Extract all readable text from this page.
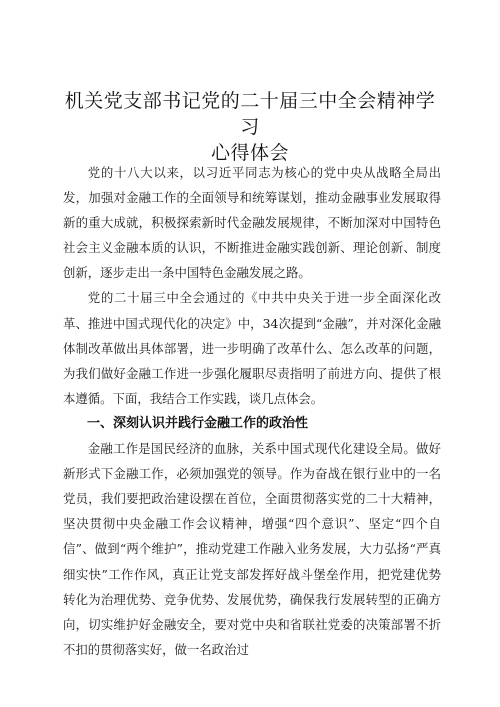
机关党支部书记党的二十届三中全会精神学习
心得体会

党的十八大以来，以习近平同志为核心的党中央从战略全局出发，加强对金融工作的全面领导和统筹谋划，推动金融事业发展取得新的重大成就，积极探索新时代金融发展规律，不断加深对中国特色社会主义金融本质的认识，不断推进金融实践创新、理论创新、制度创新，逐步走出一条中国特色金融发展之路。

党的二十届三中全会通过的《中共中央关于进一步全面深化改革、推进中国式现代化的决定》中，34次提到“金融”，并对深化金融体制改革做出具体部署，进一步明确了改革什么、怎么改革的问题，为我们做好金融工作进一步强化履职尽责指明了前进方向、提供了根本遵循。下面，我结合工作实践，谈几点体会。

一、深刻认识并践行金融工作的政治性

金融工作是国民经济的血脉，关系中国式现代化建设全局。做好新形式下金融工作，必须加强党的领导。作为奋战在银行业中的一名党员，我们要把政治建设摆在首位，全面贯彻落实党的二十大精神，坚决贯彻中央金融工作会议精神，增强“四个意识”、坚定“四个自信”、做到“两个维护”，推动党建工作融入业务发展，大力弘扬“严真细实快”工作作风，真正让党支部发挥好战斗堡垒作用，把党建优势转化为治理优势、竞争优势、发展优势，确保我行发展转型的正确方向，切实维护好金融安全，要对党中央和省联社党委的决策部署不折不扣的贯彻落实好，做一名政治过
